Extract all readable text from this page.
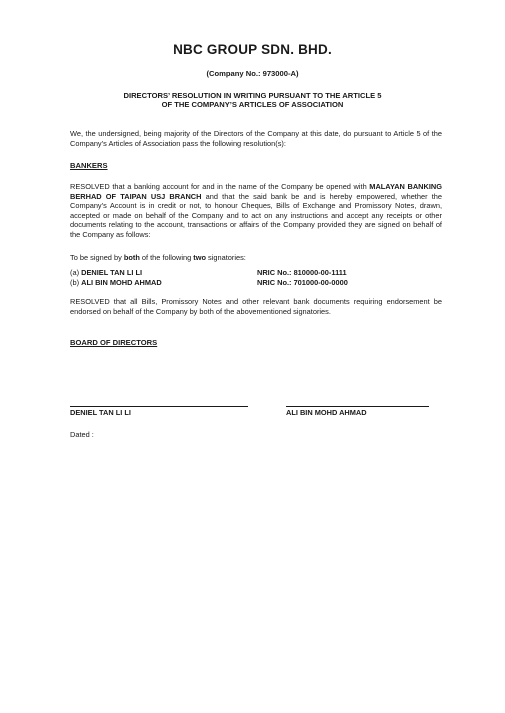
NBC GROUP SDN. BHD.
(Company No.: 973000-A)
DIRECTORS’ RESOLUTION IN WRITING PURSUANT TO THE ARTICLE 5
OF THE COMPANY’S ARTICLES OF ASSOCIATION
We, the undersigned, being majority of the Directors of the Company at this date, do pursuant to Article 5 of the Company’s Articles of Association pass the following resolution(s):
BANKERS
RESOLVED that a banking account for and in the name of the Company be opened with MALAYAN BANKING BERHAD OF TAIPAN USJ BRANCH and that the said bank be and is hereby empowered, whether the Company’s Account is in credit or not, to honour Cheques, Bills of Exchange and Promissory Notes, drawn, accepted or made on behalf of the Company and to act on any instructions and accept any receipts or other documents relating to the account, transactions or affairs of the Company provided they are signed on behalf of the Company as follows:
To be signed by both of the following two signatories:
(a) DENIEL TAN LI LI	NRIC No.: 810000-00-1111
(b) ALI BIN MOHD AHMAD	NRIC No.: 701000-00-0000
RESOLVED that all Bills, Promissory Notes and other relevant bank documents requiring endorsement be endorsed on behalf of the Company by both of the abovementioned signatories.
BOARD OF DIRECTORS
DENIEL TAN LI LI	ALI BIN MOHD AHMAD
Dated :
